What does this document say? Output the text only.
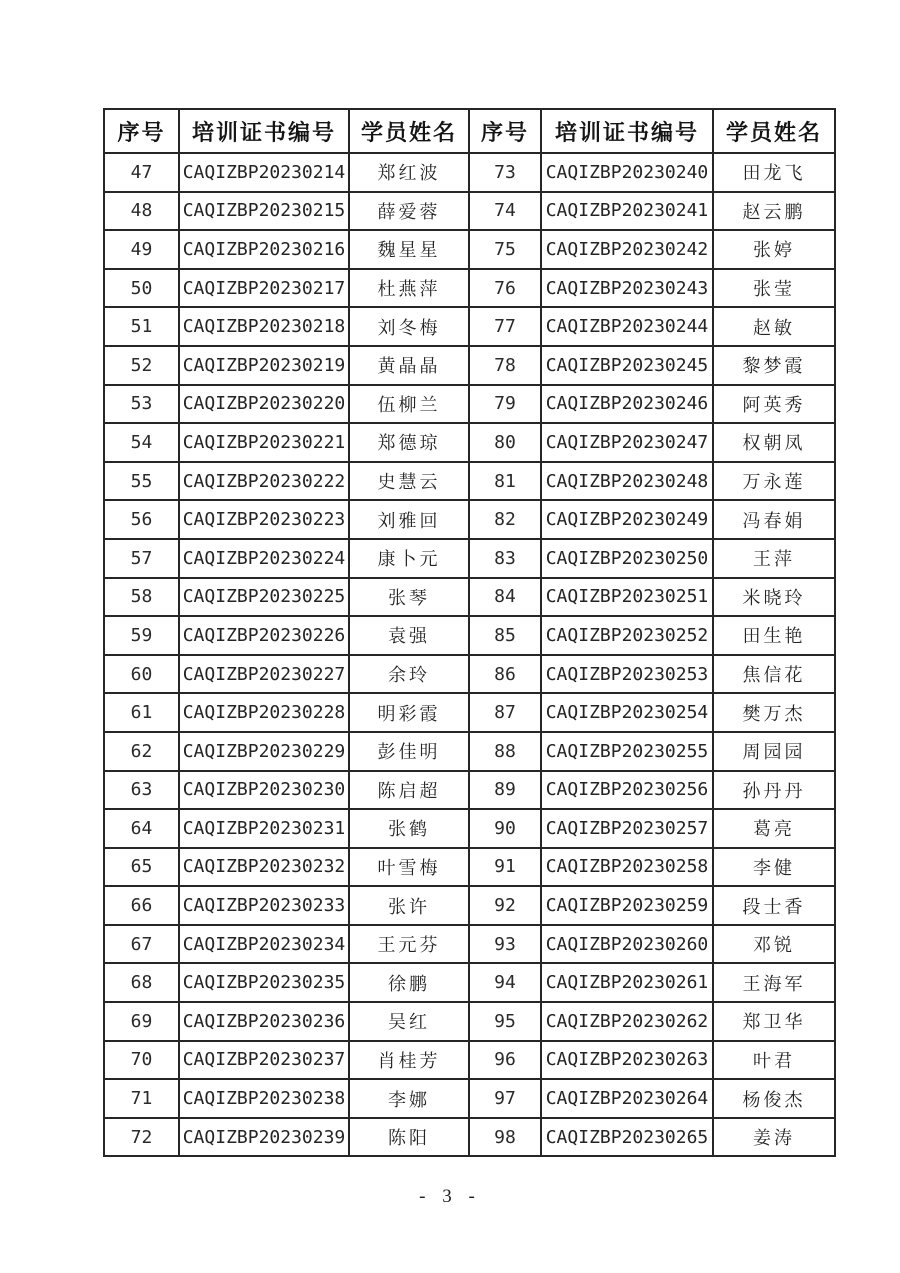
序号	培训证书编号	学员姓名	序号	培训证书编号	学员姓名
47	CAQIZBP20230214	郑红波	73	CAQIZBP20230240	田龙飞
48	CAQIZBP20230215	薛爱蓉	74	CAQIZBP20230241	赵云鹏
49	CAQIZBP20230216	魏星星	75	CAQIZBP20230242	张婷
50	CAQIZBP20230217	杜燕萍	76	CAQIZBP20230243	张莹
51	CAQIZBP20230218	刘冬梅	77	CAQIZBP20230244	赵敏
52	CAQIZBP20230219	黄晶晶	78	CAQIZBP20230245	黎梦霞
53	CAQIZBP20230220	伍柳兰	79	CAQIZBP20230246	阿英秀
54	CAQIZBP20230221	郑德琼	80	CAQIZBP20230247	权朝凤
55	CAQIZBP20230222	史慧云	81	CAQIZBP20230248	万永莲
56	CAQIZBP20230223	刘雅回	82	CAQIZBP20230249	冯春娟
57	CAQIZBP20230224	康卜元	83	CAQIZBP20230250	王萍
58	CAQIZBP20230225	张琴	84	CAQIZBP20230251	米晓玲
59	CAQIZBP20230226	袁强	85	CAQIZBP20230252	田生艳
60	CAQIZBP20230227	余玲	86	CAQIZBP20230253	焦信花
61	CAQIZBP20230228	明彩霞	87	CAQIZBP20230254	樊万杰
62	CAQIZBP20230229	彭佳明	88	CAQIZBP20230255	周园园
63	CAQIZBP20230230	陈启超	89	CAQIZBP20230256	孙丹丹
64	CAQIZBP20230231	张鹤	90	CAQIZBP20230257	葛亮
65	CAQIZBP20230232	叶雪梅	91	CAQIZBP20230258	李健
66	CAQIZBP20230233	张许	92	CAQIZBP20230259	段士香
67	CAQIZBP20230234	王元芬	93	CAQIZBP20230260	邓锐
68	CAQIZBP20230235	徐鹏	94	CAQIZBP20230261	王海军
69	CAQIZBP20230236	吴红	95	CAQIZBP20230262	郑卫华
70	CAQIZBP20230237	肖桂芳	96	CAQIZBP20230263	叶君
71	CAQIZBP20230238	李娜	97	CAQIZBP20230264	杨俊杰
72	CAQIZBP20230239	陈阳	98	CAQIZBP20230265	姜涛
- 3 -
